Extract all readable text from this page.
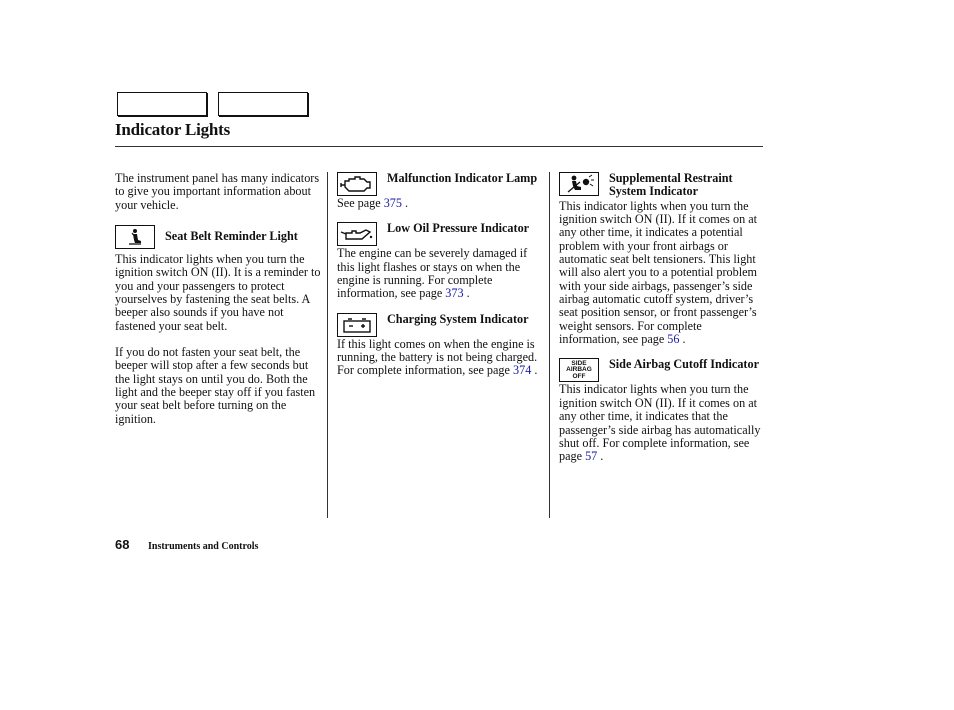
Indicator Lights

The instrument panel has many indicators to give you important information about your vehicle.

Seat Belt Reminder Light

This indicator lights when you turn the ignition switch ON (II). It is a reminder to you and your passengers to protect yourselves by fastening the seat belts. A beeper also sounds if you have not fastened your seat belt.

If you do not fasten your seat belt, the beeper will stop after a few seconds but the light stays on until you do. Both the light and the beeper stay off if you fasten your seat belt before turning on the ignition.

Malfunction Indicator Lamp

See page 375 .

Low Oil Pressure Indicator

The engine can be severely damaged if this light flashes or stays on when the engine is running. For complete information, see page 373 .

Charging System Indicator

If this light comes on when the engine is running, the battery is not being charged. For complete information, see page 374 .

Supplemental Restraint System Indicator

This indicator lights when you turn the ignition switch ON (II). If it comes on at any other time, it indicates a potential problem with your front airbags or automatic seat belt tensioners. This light will also alert you to a potential problem with your side airbags, passenger’s side airbag automatic cutoff system, driver’s seat position sensor, or front passenger’s weight sensors. For complete information, see page 56 .

SIDE
AIRBAG
OFF
Side Airbag Cutoff Indicator

This indicator lights when you turn the ignition switch ON (II). If it comes on at any other time, it indicates that the passenger’s side airbag has automatically shut off. For complete information, see page 57 .

68 Instruments and Controls
